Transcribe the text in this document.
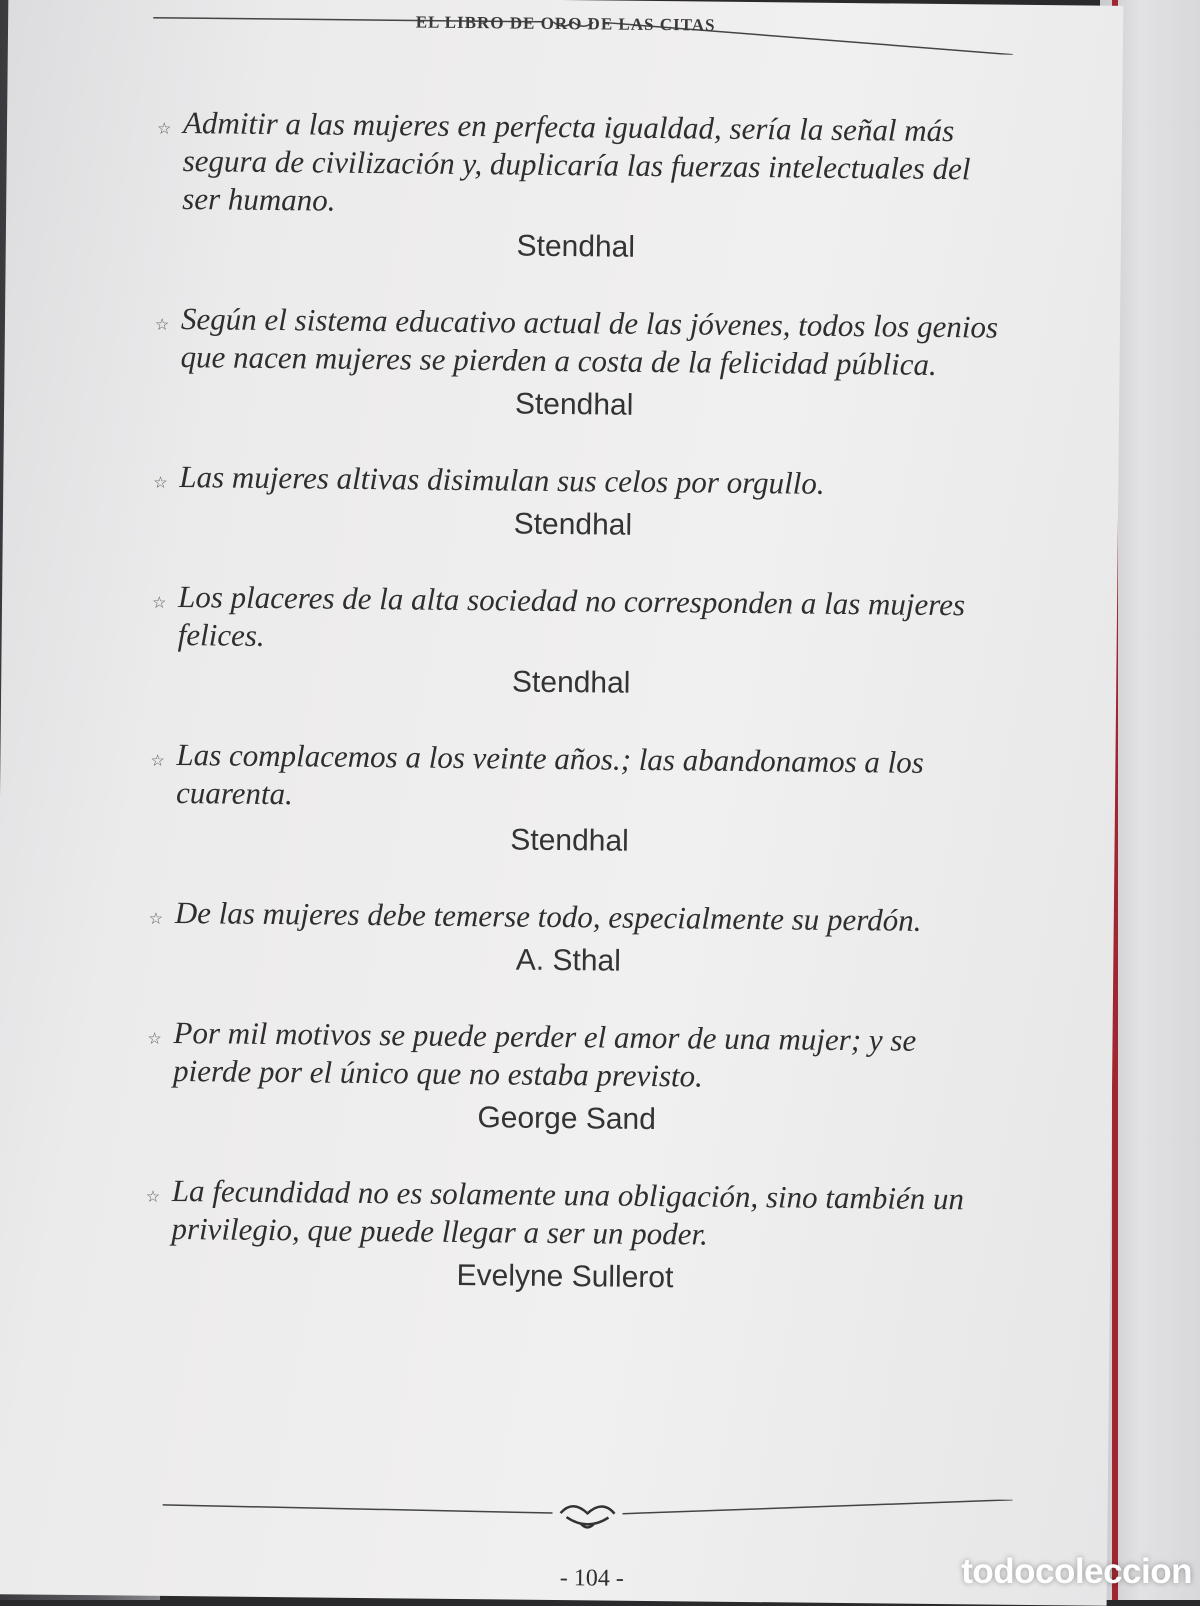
EL LIBRO DE ORO DE LAS CITAS
☆ Admitir a las mujeres en perfecta igualdad, sería la señal más segura de civilización y, duplicaría las fuerzas intelectuales del ser humano.
Stendhal
☆ Según el sistema educativo actual de las jóvenes, todos los genios que nacen mujeres se pierden a costa de la felicidad pública.
Stendhal
☆ Las mujeres altivas disimulan sus celos por orgullo.
Stendhal
☆ Los placeres de la alta sociedad no corresponden a las mujeres felices.
Stendhal
☆ Las complacemos a los veinte años.; las abandonamos a los cuarenta.
Stendhal
☆ De las mujeres debe temerse todo, especialmente su perdón.
A. Sthal
☆ Por mil motivos se puede perder el amor de una mujer; y se pierde por el único que no estaba previsto.
George Sand
☆ La fecundidad no es solamente una obligación, sino también un privilegio, que puede llegar a ser un poder.
Evelyne Sullerot
- 104 -	todocoleccion
